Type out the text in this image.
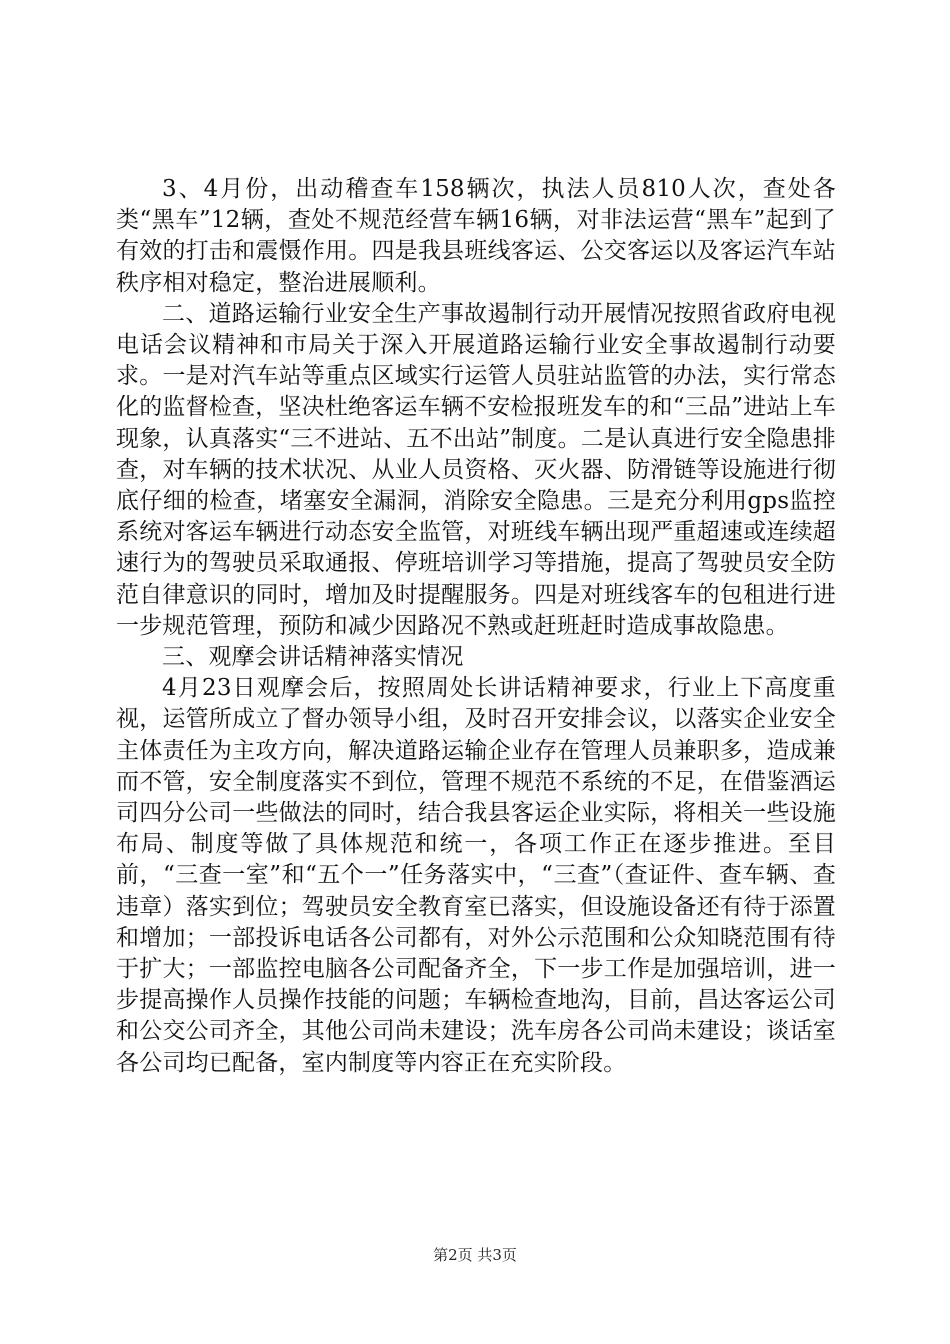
3、4月份，出动稽查车158辆次，执法人员810人次，查处各类“黑车”12辆，查处不规范经营车辆16辆，对非法运营“黑车”起到了有效的打击和震慑作用。四是我县班线客运、公交客运以及客运汽车站秩序相对稳定，整治进展顺利。

二、道路运输行业安全生产事故遏制行动开展情况按照省政府电视电话会议精神和市局关于深入开展道路运输行业安全事故遏制行动要求。一是对汽车站等重点区域实行运管人员驻站监管的办法，实行常态化的监督检查，坚决杜绝客运车辆不安检报班发车的和“三品”进站上车现象，认真落实“三不进站、五不出站”制度。二是认真进行安全隐患排查，对车辆的技术状况、从业人员资格、灭火器、防滑链等设施进行彻底仔细的检查，堵塞安全漏洞，消除安全隐患。三是充分利用gps监控系统对客运车辆进行动态安全监管，对班线车辆出现严重超速或连续超速行为的驾驶员采取通报、停班培训学习等措施，提高了驾驶员安全防范自律意识的同时，增加及时提醒服务。四是对班线客车的包租进行进一步规范管理，预防和减少因路况不熟或赶班赶时造成事故隐患。

三、观摩会讲话精神落实情况

4月23日观摩会后，按照周处长讲话精神要求，行业上下高度重视，运管所成立了督办领导小组，及时召开安排会议，以落实企业安全主体责任为主攻方向，解决道路运输企业存在管理人员兼职多，造成兼而不管，安全制度落实不到位，管理不规范不系统的不足，在借鉴酒运司四分公司一些做法的同时，结合我县客运企业实际，将相关一些设施布局、制度等做了具体规范和统一，各项工作正在逐步推进。至目前，“三查一室”和“五个一”任务落实中，“三查”（查证件、查车辆、查违章）落实到位；驾驶员安全教育室已落实，但设施设备还有待于添置和增加；一部投诉电话各公司都有，对外公示范围和公众知晓范围有待于扩大；一部监控电脑各公司配备齐全，下一步工作是加强培训，进一步提高操作人员操作技能的问题；车辆检查地沟，目前，昌达客运公司和公交公司齐全，其他公司尚未建设；洗车房各公司尚未建设；谈话室各公司均已配备，室内制度等内容正在充实阶段。

第2页 共3页
